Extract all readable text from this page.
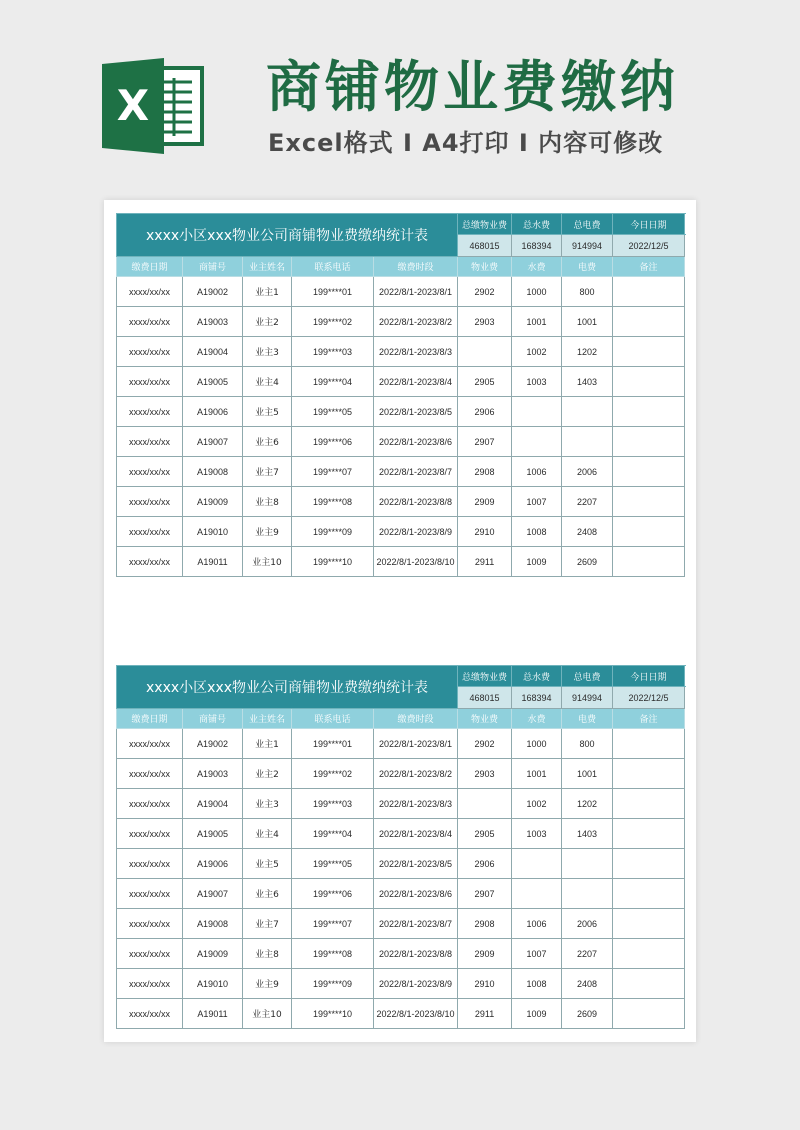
X 商铺物业费缴纳
Excel格式 I A4打印 I 内容可修改
xxxx小区xxx物业公司商铺物业费缴纳统计表					总缴物业费	总水费	总电费	今日日期
					468015	168394	914994	2022/12/5
缴费日期	商铺号	业主姓名	联系电话	缴费时段	物业费	水费	电费	备注
xxxx/xx/xx	A19002	业主1	199****01	2022/8/1-2023/8/1	2902	1000	800	
xxxx/xx/xx	A19003	业主2	199****02	2022/8/1-2023/8/2	2903	1001	1001	
xxxx/xx/xx	A19004	业主3	199****03	2022/8/1-2023/8/3		1002	1202	
xxxx/xx/xx	A19005	业主4	199****04	2022/8/1-2023/8/4	2905	1003	1403	
xxxx/xx/xx	A19006	业主5	199****05	2022/8/1-2023/8/5	2906			
xxxx/xx/xx	A19007	业主6	199****06	2022/8/1-2023/8/6	2907			
xxxx/xx/xx	A19008	业主7	199****07	2022/8/1-2023/8/7	2908	1006	2006	
xxxx/xx/xx	A19009	业主8	199****08	2022/8/1-2023/8/8	2909	1007	2207	
xxxx/xx/xx	A19010	业主9	199****09	2022/8/1-2023/8/9	2910	1008	2408	
xxxx/xx/xx	A19011	业主10	199****10	2022/8/1-2023/8/10	2911	1009	2609	
xxxx小区xxx物业公司商铺物业费缴纳统计表					总缴物业费	总水费	总电费	今日日期
					468015	168394	914994	2022/12/5
缴费日期	商铺号	业主姓名	联系电话	缴费时段	物业费	水费	电费	备注
xxxx/xx/xx	A19002	业主1	199****01	2022/8/1-2023/8/1	2902	1000	800	
xxxx/xx/xx	A19003	业主2	199****02	2022/8/1-2023/8/2	2903	1001	1001	
xxxx/xx/xx	A19004	业主3	199****03	2022/8/1-2023/8/3		1002	1202	
xxxx/xx/xx	A19005	业主4	199****04	2022/8/1-2023/8/4	2905	1003	1403	
xxxx/xx/xx	A19006	业主5	199****05	2022/8/1-2023/8/5	2906			
xxxx/xx/xx	A19007	业主6	199****06	2022/8/1-2023/8/6	2907			
xxxx/xx/xx	A19008	业主7	199****07	2022/8/1-2023/8/7	2908	1006	2006	
xxxx/xx/xx	A19009	业主8	199****08	2022/8/1-2023/8/8	2909	1007	2207	
xxxx/xx/xx	A19010	业主9	199****09	2022/8/1-2023/8/9	2910	1008	2408	
xxxx/xx/xx	A19011	业主10	199****10	2022/8/1-2023/8/10	2911	1009	2609	
